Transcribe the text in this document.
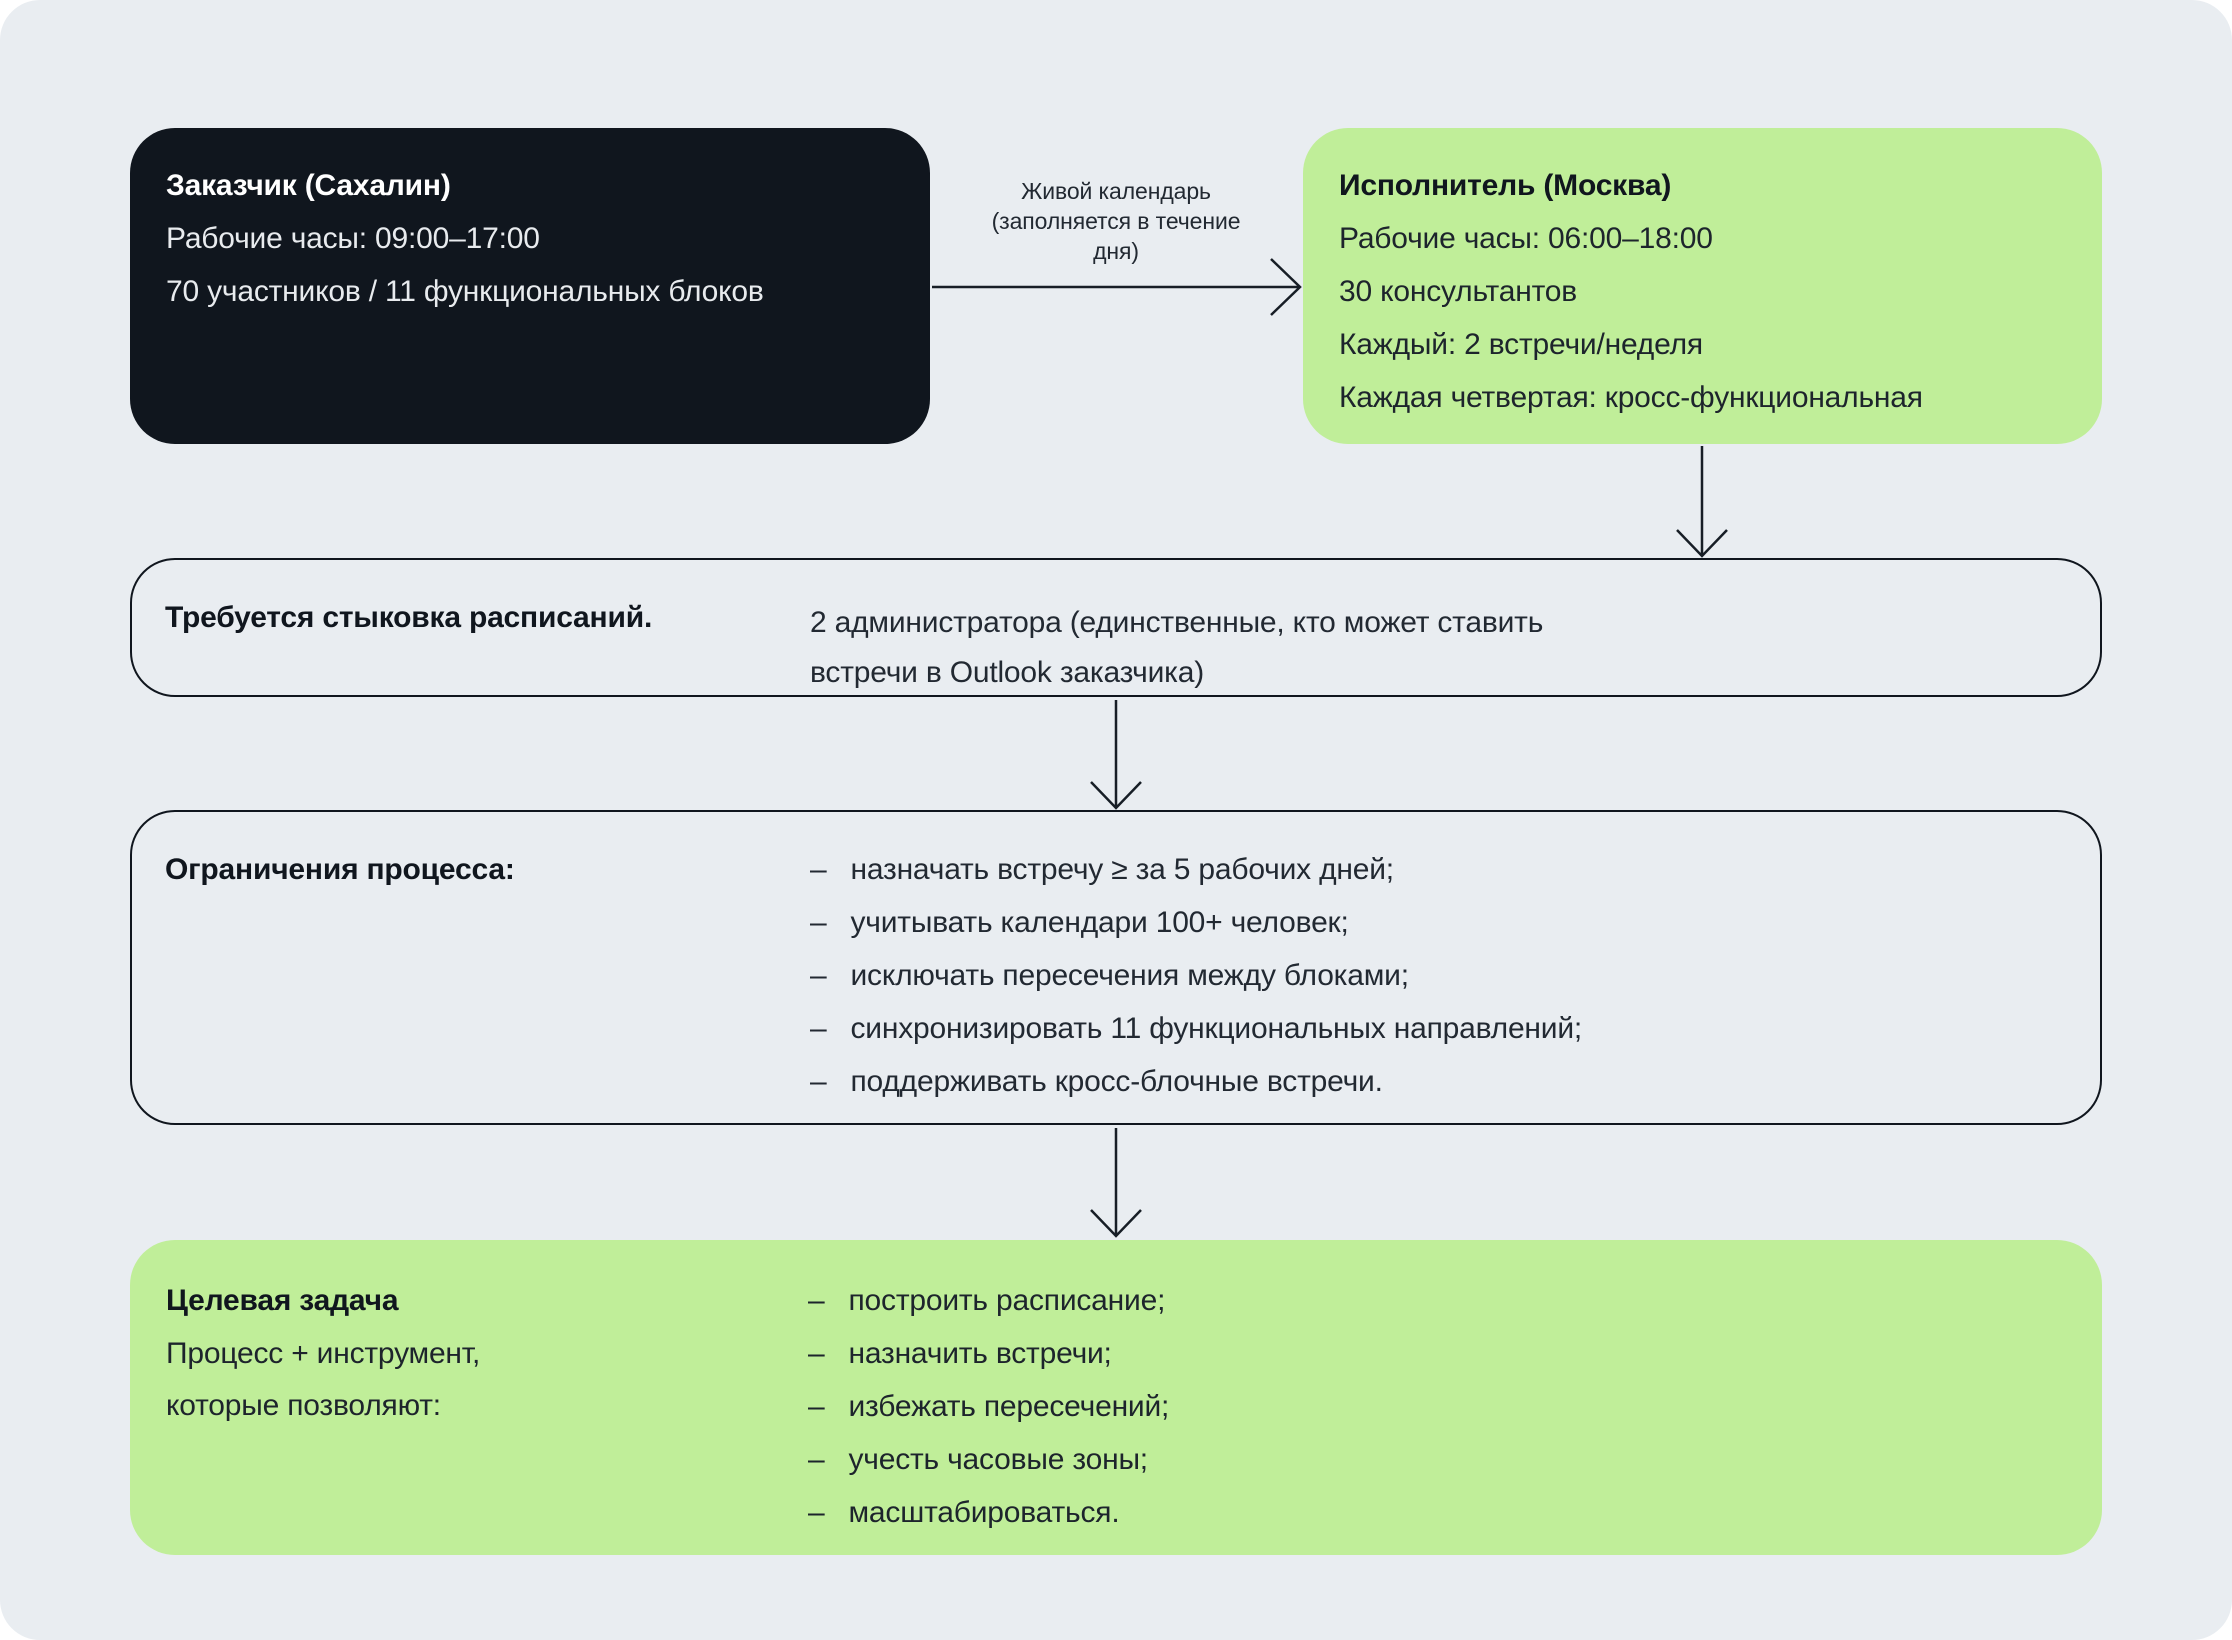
Живой календарь
(заполняется в течение
дня)
Заказчик (Сахалин)
Рабочие часы: 09:00–17:00
70 участников / 11 функциональных блоков
Исполнитель (Москва)
Рабочие часы: 06:00–18:00
30 консультантов
Каждый: 2 встречи/неделя
Каждая четвертая: кросс-функциональная
Требуется стыковка расписаний.	2 администратора (единственные, кто может ставить
встречи в Outlook заказчика)
Ограничения процесса:	– назначать встречу ≥ за 5 рабочих дней;
– учитывать календари 100+ человек;
– исключать пересечения между блоками;
– синхронизировать 11 функциональных направлений;
– поддерживать кросс-блочные встречи.
Целевая задача
Процесс + инструмент,
которые позволяют:
– построить расписание;
– назначить встречи;
– избежать пересечений;
– учесть часовые зоны;
– масштабироваться.
